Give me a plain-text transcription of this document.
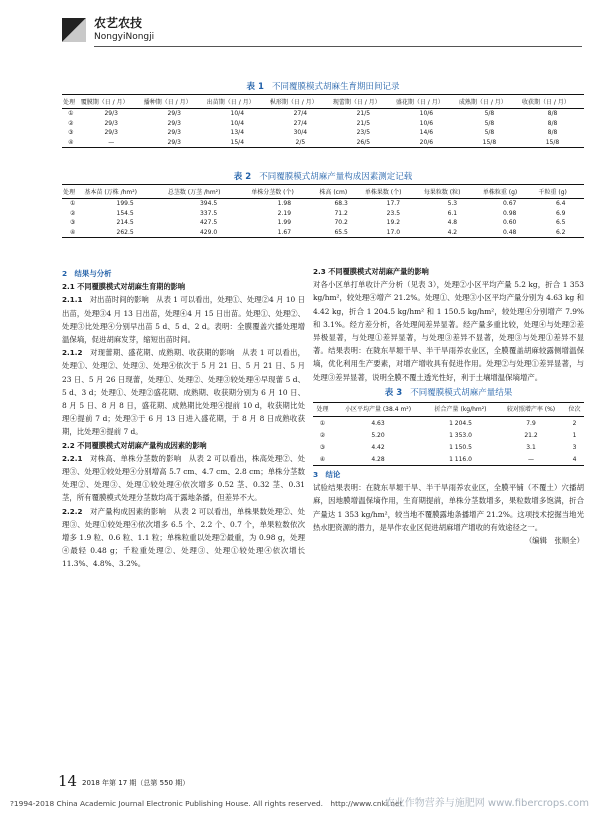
农艺农技
NongyiNongji
表 1 不同覆膜模式胡麻生育期田间记录
处理	覆膜期（日 / 月）	播种期（日 / 月）	出苗期（日 / 月）	枞形期（日 / 月）	现蕾期（日 / 月）	盛花期（日 / 月）	成熟期（日 / 月）	收获期（日 / 月）
①	29/3	29/3	10/4	27/4	21/5	10/6	5/8	8/8
②	29/3	29/3	10/4	27/4	21/5	10/6	5/8	8/8
③	29/3	29/3	13/4	30/4	23/5	14/6	5/8	8/8
④	—	29/3	15/4	2/5	26/5	20/6	15/8	15/8
表 2 不同覆膜模式胡麻产量构成因素测定记载
处理	基本苗 (万株 /hm²)	总茎数 (万茎 /hm²)	单株分茎数 (个)	株高 (cm)	单株果数 (个)	每果粒数 (粒)	单株粒重 (g)	千粒重 (g)
①	199.5	394.5	1.98	68.3	17.7	5.3	0.67	6.4
②	154.5	337.5	2.19	71.2	23.5	6.1	0.98	6.9
③	214.5	427.5	1.99	70.2	19.2	4.8	0.60	6.5
④	262.5	429.0	1.67	65.5	17.0	4.2	0.48	6.2

2　结果与分析

2.1 不同覆膜模式对胡麻生育期的影响

2.1.1　对出苗时间的影响　从表 1 可以看出，处理①、处理②4 月 10 日出苗，处理③4 月 13 日出苗，处理④4 月 15 日出苗。处理①、处理②、处理③比处理④分别早出苗 5 d、5 d、2 d。表明：全膜覆盖穴播处理增温保墒，促进胡麻发芽，缩短出苗时间。

2.1.2　对现蕾期、盛花期、成熟期、收获期的影响　从表 1 可以看出，处理①、处理②、处理③、处理④依次于 5 月 21 日、5 月 21 日、5 月 23 日、5 月 26 日现蕾，处理①、处理②、处理③较处理④早现蕾 5 d、5 d、3 d；处理①、处理②盛花期、成熟期、收获期分别为 6 月 10 日、8 月 5 日、8 月 8 日，盛花期、成熟期比处理④提前 10 d，收获期比处理④提前 7 d；处理③于 6 月 13 日进入盛花期，于 8 月 8 日成熟收获期，比处理④提前 7 d。

2.2 不同覆膜模式对胡麻产量构成因素的影响

2.2.1　对株高、单株分茎数的影响　从表 2 可以看出，株高处理②、处理③、处理①较处理④分别增高 5.7 cm、4.7 cm、2.8 cm；单株分茎数处理②、处理③、处理①较处理④依次增多 0.52 茎、0.32 茎、0.31 茎，所有覆膜模式处理分茎数均高于露地条播，但差异不大。

2.2.2　对产量构成因素的影响　从表 2 可以看出，单株果数处理②、处理③、处理①较处理④依次增多 6.5 个、2.2 个、0.7 个，单果粒数依次增多 1.9 粒、0.6 粒、1.1 粒；单株粒重以处理②最重，为 0.98 g，处理④最轻 0.48 g；千粒重处理②、处理③、处理①较处理④依次增长 11.3%、4.8%、3.2%。

2.3 不同覆膜模式对胡麻产量的影响

对各小区单打单收计产分析（见表 3），处理②小区平均产量 5.2 kg，折合 1 353 kg/hm²，较处理④增产 21.2%。处理①、处理③小区平均产量分别为 4.63 kg 和 4.42 kg，折合 1 204.5 kg/hm² 和 1 150.5 kg/hm²，较处理④分别增产 7.9% 和 3.1%。经方差分析，各处理间差异显著。经产量多重比较，处理④与处理②差异极显著，与处理①差异显著，与处理③差异不显著，处理③与处理①差异不显著。结果表明：在陇东旱塬干旱、半干旱雨养农业区，全膜覆盖胡麻较露侧增温保墒，优化利用生产要素，对增产增收具有促进作用。处理②与处理①差异显著，与处理③差异显著，说明全膜不覆土透光性好，利于土壤增温保墒增产。

表 3 不同覆膜模式胡麻产量结果
处理	小区平均产量 (38.4 m²)	折合产量 (kg/hm²)	较对照增产率 (%)	位次
①	4.63	1 204.5	7.9	2
②	5.20	1 353.0	21.2	1
③	4.42	1 150.5	3.1	3
④	4.28	1 116.0	—	4

3　结论

试验结果表明：在陇东旱塬干旱、半干旱雨养农业区，全膜平铺（不覆土）穴播胡麻，因地膜增温保墒作用，生育期提前，单株分茎数增多，果粒数增多饱满，折合产量达 1 353 kg/hm²，较当地不覆膜露地条播增产 21.2%。这项技术挖掘当地光热水肥资源的潜力，是旱作农业区促进胡麻增产增收的有效途径之一。

（编辑　张顺全）

14 2018 年第 17 期（总第 550 期）
?1994-2018 China Academic Journal Electronic Publishing House. All rights reserved.　http://www.cnki.net
农业作物营养与施肥网 www.fibercrops.com
